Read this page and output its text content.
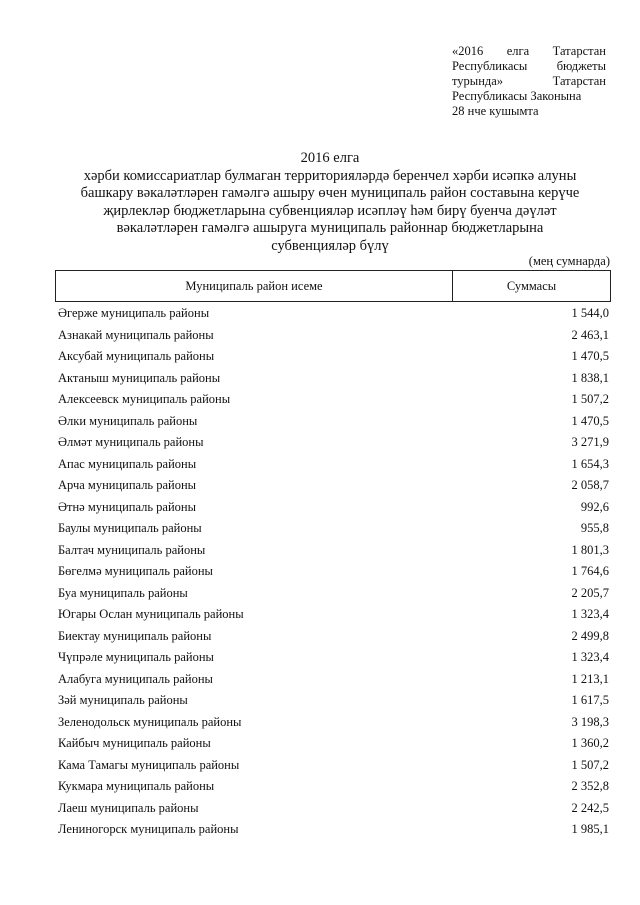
«2016 елга Татарстан
Республикасы бюджеты
турында»	Татарстан
Республикасы Законына
28 нче кушымта
2016 елга
хәрби комиссариатлар булмаган территорияләрдә беренчел хәрби исәпкә алуны
башкару вәкаләтләрен гамәлгә ашыру өчен муниципаль район составына керүче
җирлекләр бюджетларына субвенцияләр исәпләү һәм бирү буенча дәүләт
вәкаләтләрен гамәлгә ашыруга муниципаль районнар бюджетларына
субвенцияләр бүлү
(мең сумнарда)
Муниципаль район исеме	Суммасы
Әгерже муниципаль районы	1 544,0
Азнакай муниципаль районы	2 463,1
Аксубай муниципаль районы	1 470,5
Актаныш муниципаль районы	1 838,1
Алексеевск муниципаль районы	1 507,2
Әлки муниципаль районы	1 470,5
Әлмәт муниципаль районы	3 271,9
Апас муниципаль районы	1 654,3
Арча муниципаль районы	2 058,7
Әтнә муниципаль районы	992,6
Баулы муниципаль районы	955,8
Балтач муниципаль районы	1 801,3
Бөгелмә муниципаль районы	1 764,6
Буа муниципаль районы	2 205,7
Югары Ослан муниципаль районы	1 323,4
Биектау муниципаль районы	2 499,8
Чүпрәле муниципаль районы	1 323,4
Алабуга муниципаль районы	1 213,1
Зәй муниципаль районы	1 617,5
Зеленодольск муниципаль районы	3 198,3
Кайбыч муниципаль районы	1 360,2
Кама Тамагы муниципаль районы	1 507,2
Кукмара муниципаль районы	2 352,8
Лаеш муниципаль районы	2 242,5
Лениногорск муниципаль районы	1 985,1
